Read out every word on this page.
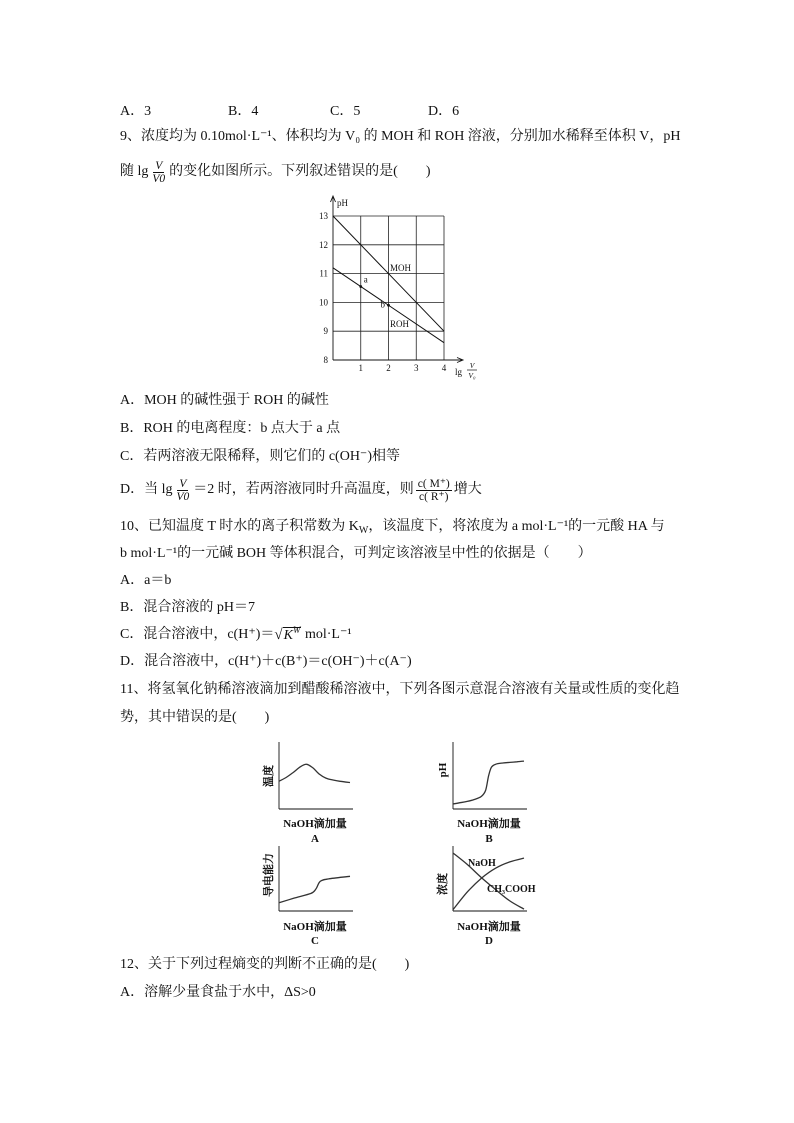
A．3	B．4	C．5	D．6
9、浓度均为 0.10mol·L⁻¹、体积均为 V₀ 的 MOH 和 ROH 溶液，分别加水稀释至体积 V，pH
随 $\lg \frac{V}{V0}$ 的变化如图所示。下列叙述错误的是(　　)
pH
lg
V
V₀
1	2	3	4
8
9
10
11
12
13
MOH
ROH
a
b
A．MOH 的碱性强于 ROH 的碱性
B．ROH 的电离程度：b 点大于 a 点
C．若两溶液无限稀释，则它们的 c(OH⁻)相等
D．当 $\lg \frac{V}{V0} =2$ 时，若两溶液同时升高温度，则 $\frac{c( M^+)}{c( R^+)}$ 增大
10、已知温度 T 时水的离子积常数为 K W ，该温度下，将浓度为 a mol·L⁻¹的一元酸 HA 与
b mol·L⁻¹的一元碱 BOH 等体积混合，可判定该溶液呈中性的依据是（　　）
A．a＝b
B．混合溶液的 pH＝7
C．混合溶液中，c(H⁺)＝ √ $K^W$ mol·L⁻¹
D．混合溶液中，c(H⁺)＋c(B⁺)＝c(OH⁻)＋c(A⁻)
11、将氢氧化钠稀溶液滴加到醋酸稀溶液中，下列各图示意混合溶液有关量或性质的变化趋
势，其中错误的是(　　)
温度
NaOH滴加量
A
pH
NaOH滴加量
B
导电能力
NaOH滴加量
C
浓度
NaOH
CH₃COOH
NaOH滴加量
D
12、关于下列过程熵变的判断不正确的是(　　)
A．溶解少量食盐于水中，ΔS>0
